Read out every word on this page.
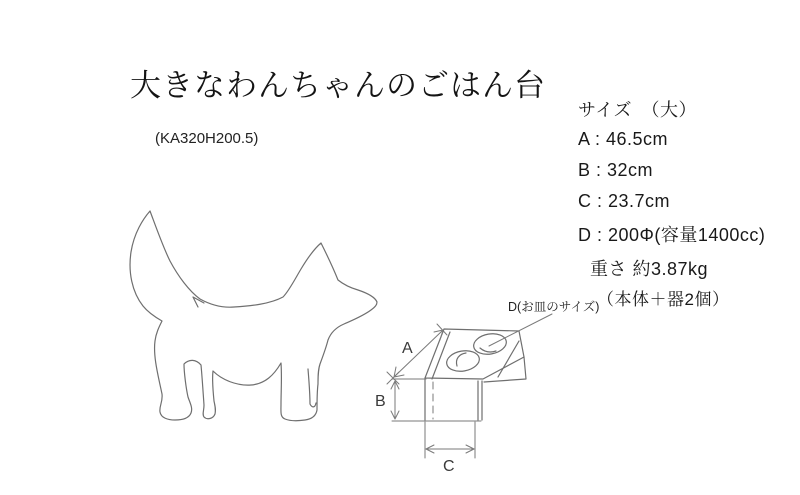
大きなわんちゃんのごはん台
(KA320H200.5)
サイズ　（大）
A : 46.5cm
B : 32cm
C : 23.7cm
D : 200Φ(容量1400cc)
重さ 約3.87kg
（本体＋器2個）
D(お皿のサイズ)
A
B
C
